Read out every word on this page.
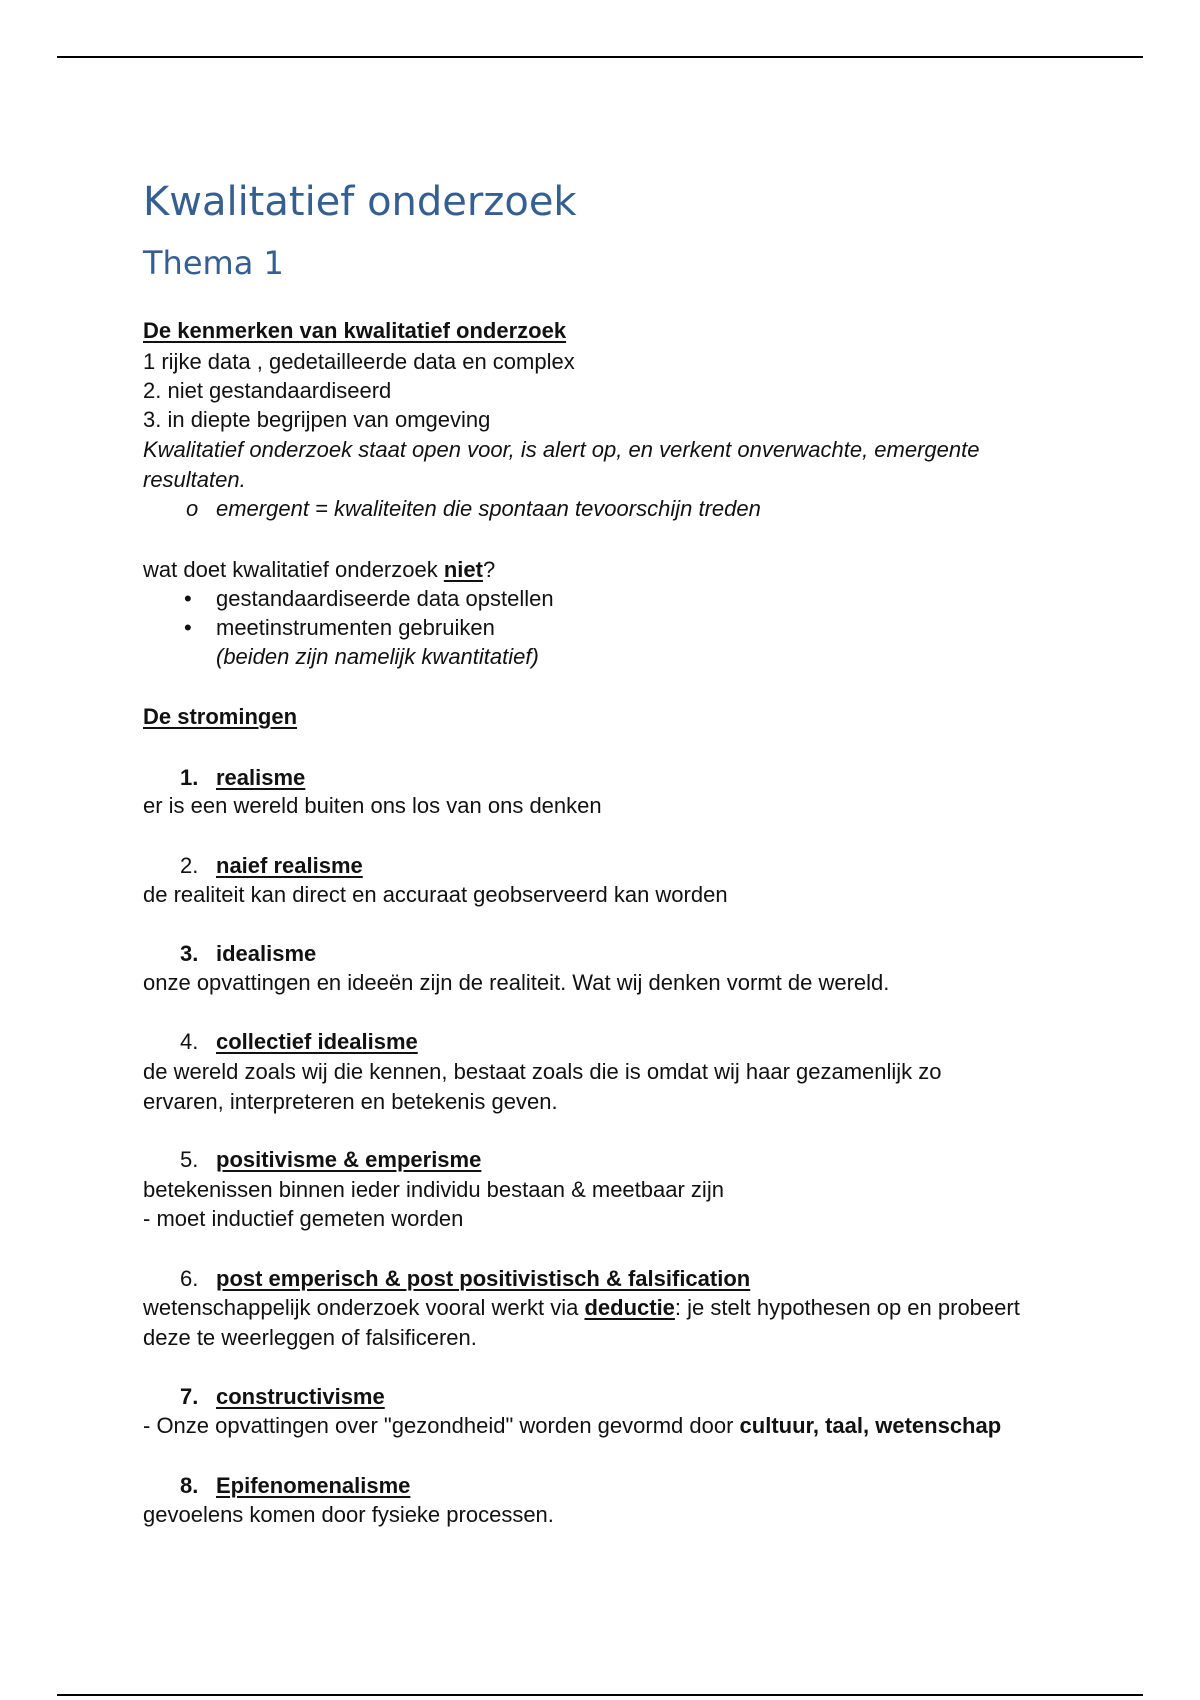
Kwalitatief onderzoek
Thema 1
De kenmerken van kwalitatief onderzoek
1 rijke data , gedetailleerde data en complex
2. niet gestandaardiseerd
3. in diepte begrijpen van omgeving
Kwalitatief onderzoek staat open voor, is alert op, en verkent onverwachte, emergente
resultaten.
o emergent = kwaliteiten die spontaan tevoorschijn treden
wat doet kwalitatief onderzoek niet?
• gestandaardiseerde data opstellen
• meetinstrumenten gebruiken
(beiden zijn namelijk kwantitatief)
De stromingen
1. realisme
er is een wereld buiten ons los van ons denken
2. naief realisme
de realiteit kan direct en accuraat geobserveerd kan worden
3. idealisme
onze opvattingen en ideeën zijn de realiteit. Wat wij denken vormt de wereld.
4. collectief idealisme
de wereld zoals wij die kennen, bestaat zoals die is omdat wij haar gezamenlijk zo
ervaren, interpreteren en betekenis geven.
5. positivisme & emperisme
betekenissen binnen ieder individu bestaan & meetbaar zijn
- moet inductief gemeten worden
6. post emperisch & post positivistisch & falsification
wetenschappelijk onderzoek vooral werkt via deductie: je stelt hypothesen op en probeert
deze te weerleggen of falsificeren.
7. constructivisme
- Onze opvattingen over "gezondheid" worden gevormd door cultuur, taal, wetenschap
8. Epifenomenalisme
gevoelens komen door fysieke processen.
